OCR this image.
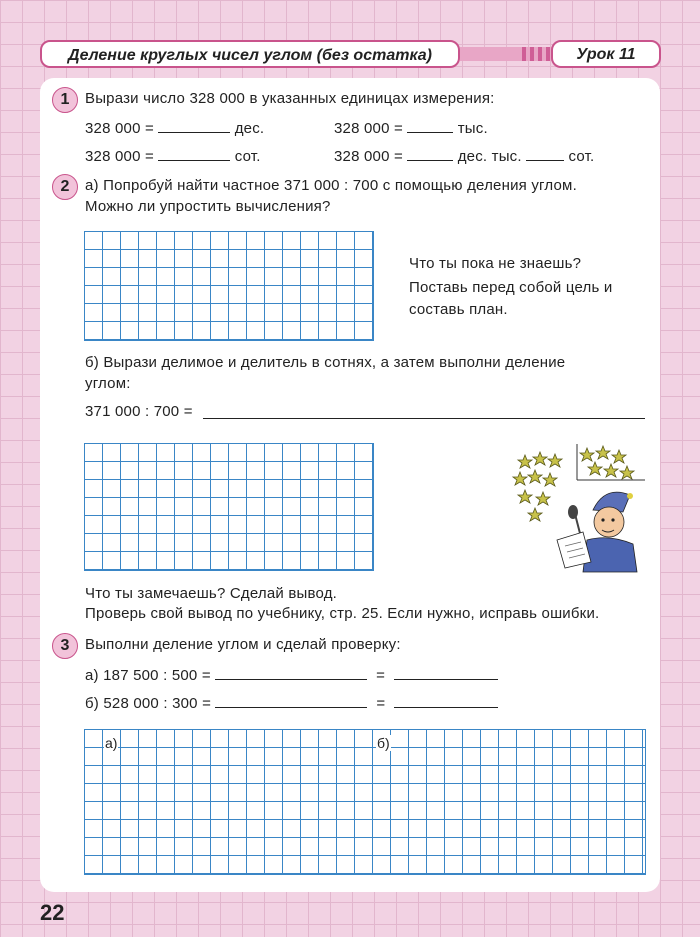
Деление круглых чисел углом (без остатка)	Урок 11
1	Вырази число 328 000 в указанных единицах измерения:
328 000 =	дес.	328 000 =	тыс.
328 000 =	сот.	328 000 =	дес. тыс.	сот.
2	а) Попробуй найти частное 371 000 : 700 с помощью деления углом.
Можно ли упростить вычисления?
Что ты пока не знаешь?
Поставь перед собой цель и
составь план.
б) Вырази делимое и делитель в сотнях, а затем выполни деление
углом:
371 000 : 700 =
Что ты замечаешь? Сделай вывод.
Проверь свой вывод по учебнику, стр. 25. Если нужно, исправь ошибки.
3	Выполни деление углом и сделай проверку:
а) 187 500 : 500 =	=
б) 528 000 : 300 =	=
а)	б)
22
